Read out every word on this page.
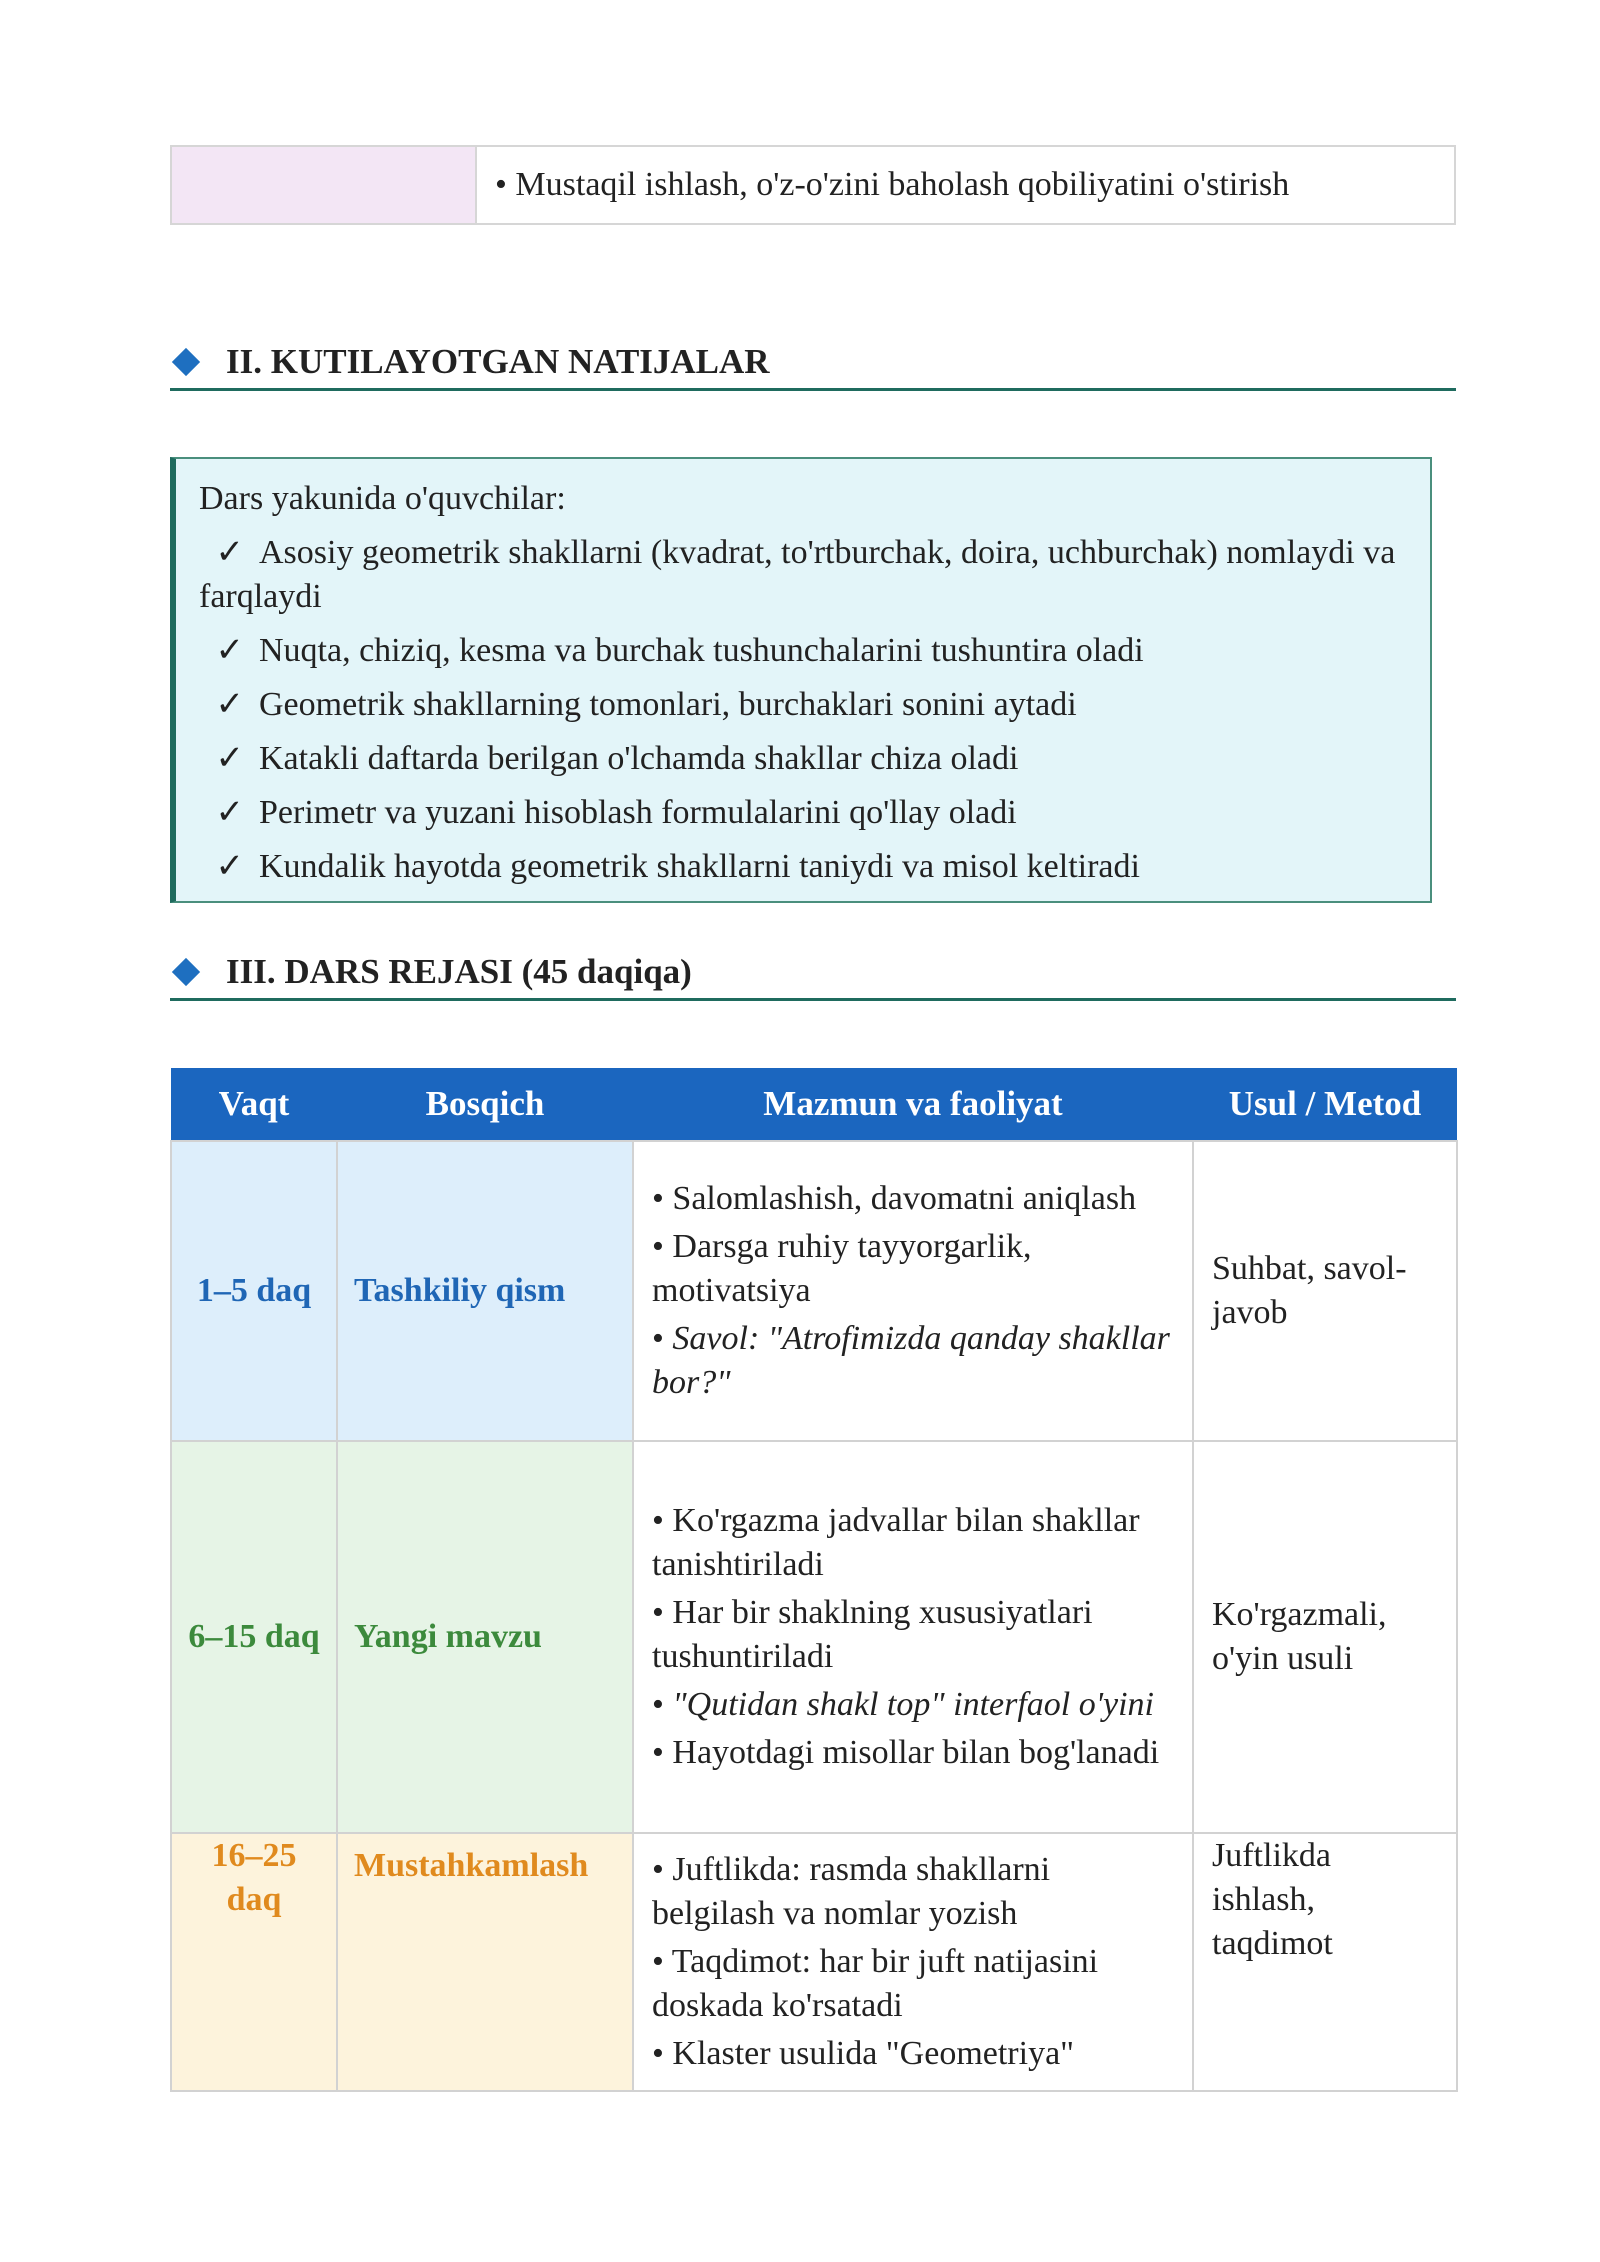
• Mustaqil ishlash, o'z-o'zini baholash qobiliyatini o'stirish
II. KUTILAYOTGAN NATIJALAR
Dars yakunida o'quvchilar:
✓ Asosiy geometrik shakllarni (kvadrat, to'rtburchak, doira, uchburchak) nomlaydi va farqlaydi
✓ Nuqta, chiziq, kesma va burchak tushunchalarini tushuntira oladi
✓ Geometrik shakllarning tomonlari, burchaklari sonini aytadi
✓ Katakli daftarda berilgan o'lchamda shakllar chiza oladi
✓ Perimetr va yuzani hisoblash formulalarini qo'llay oladi
✓ Kundalik hayotda geometrik shakllarni taniydi va misol keltiradi
III. DARS REJASI (45 daqiqa)
Vaqt	Bosqich	Mazmun va faoliyat	Usul / Metod
1–5 daq	Tashkiliy qism	• Salomlashish, davomatni aniqlash
• Darsga ruhiy tayyorgarlik, motivatsiya
• Savol: "Atrofimizda qanday shakllar bor?"	Suhbat, savol-javob
6–15 daq	Yangi mavzu	• Ko'rgazma jadvallar bilan shakllar tanishtiriladi
• Har bir shaklning xususiyatlari tushuntiriladi
• "Qutidan shakl top" interfaol o'yini
• Hayotdagi misollar bilan bog'lanadi	Ko'rgazmali, o'yin usuli
16–25 daq	Mustahkamlash	• Juftlikda: rasmda shakllarni belgilash va nomlar yozish
• Taqdimot: har bir juft natijasini doskada ko'rsatadi
• Klaster usulida "Geometriya"	Juftlikda ishlash, taqdimot
